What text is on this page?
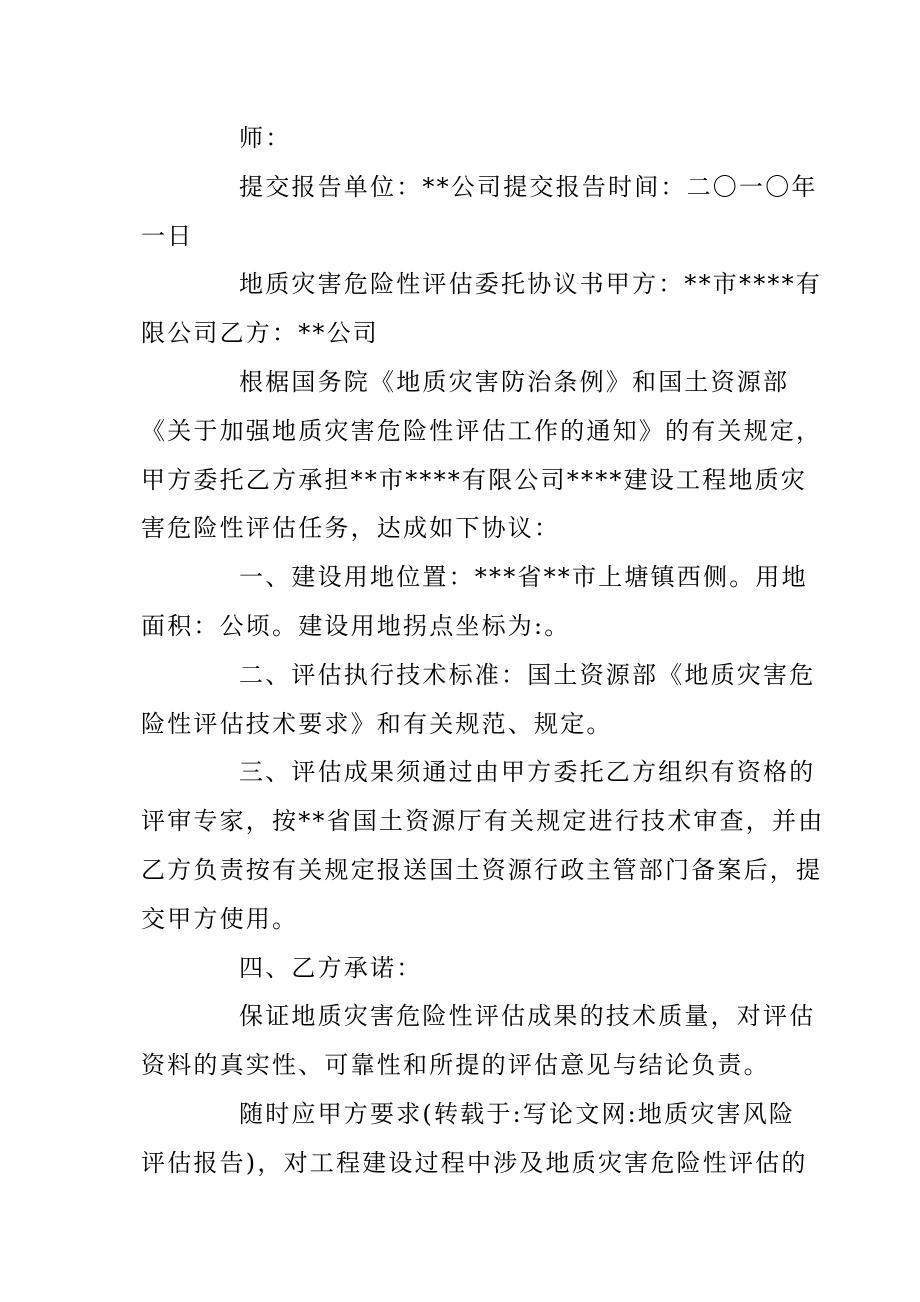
师：

提交报告单位：**公司提交报告时间：二〇一〇年
一日

地质灾害危险性评估委托协议书甲方：**市****有
限公司乙方：**公司

根椐国务院《地质灾害防治条例》和国土资源部
《关于加强地质灾害危险性评估工作的通知》的有关规定，
甲方委托乙方承担**市****有限公司****建设工程地质灾
害危险性评估任务，达成如下协议：

一、建设用地位置：***省**市上塘镇西侧。用地
面积：公顷。建设用地拐点坐标为:。

二、评估执行技术标准：国土资源部《地质灾害危
险性评估技术要求》和有关规范、规定。

三、评估成果须通过由甲方委托乙方组织有资格的
评审专家，按**省国土资源厅有关规定进行技术审查，并由
乙方负责按有关规定报送国土资源行政主管部门备案后，提
交甲方使用。

四、乙方承诺：

保证地质灾害危险性评估成果的技术质量，对评估
资料的真实性、可靠性和所提的评估意见与结论负责。

随时应甲方要求(转载于:写论文网:地质灾害风险
评估报告)，对工程建设过程中涉及地质灾害危险性评估的
